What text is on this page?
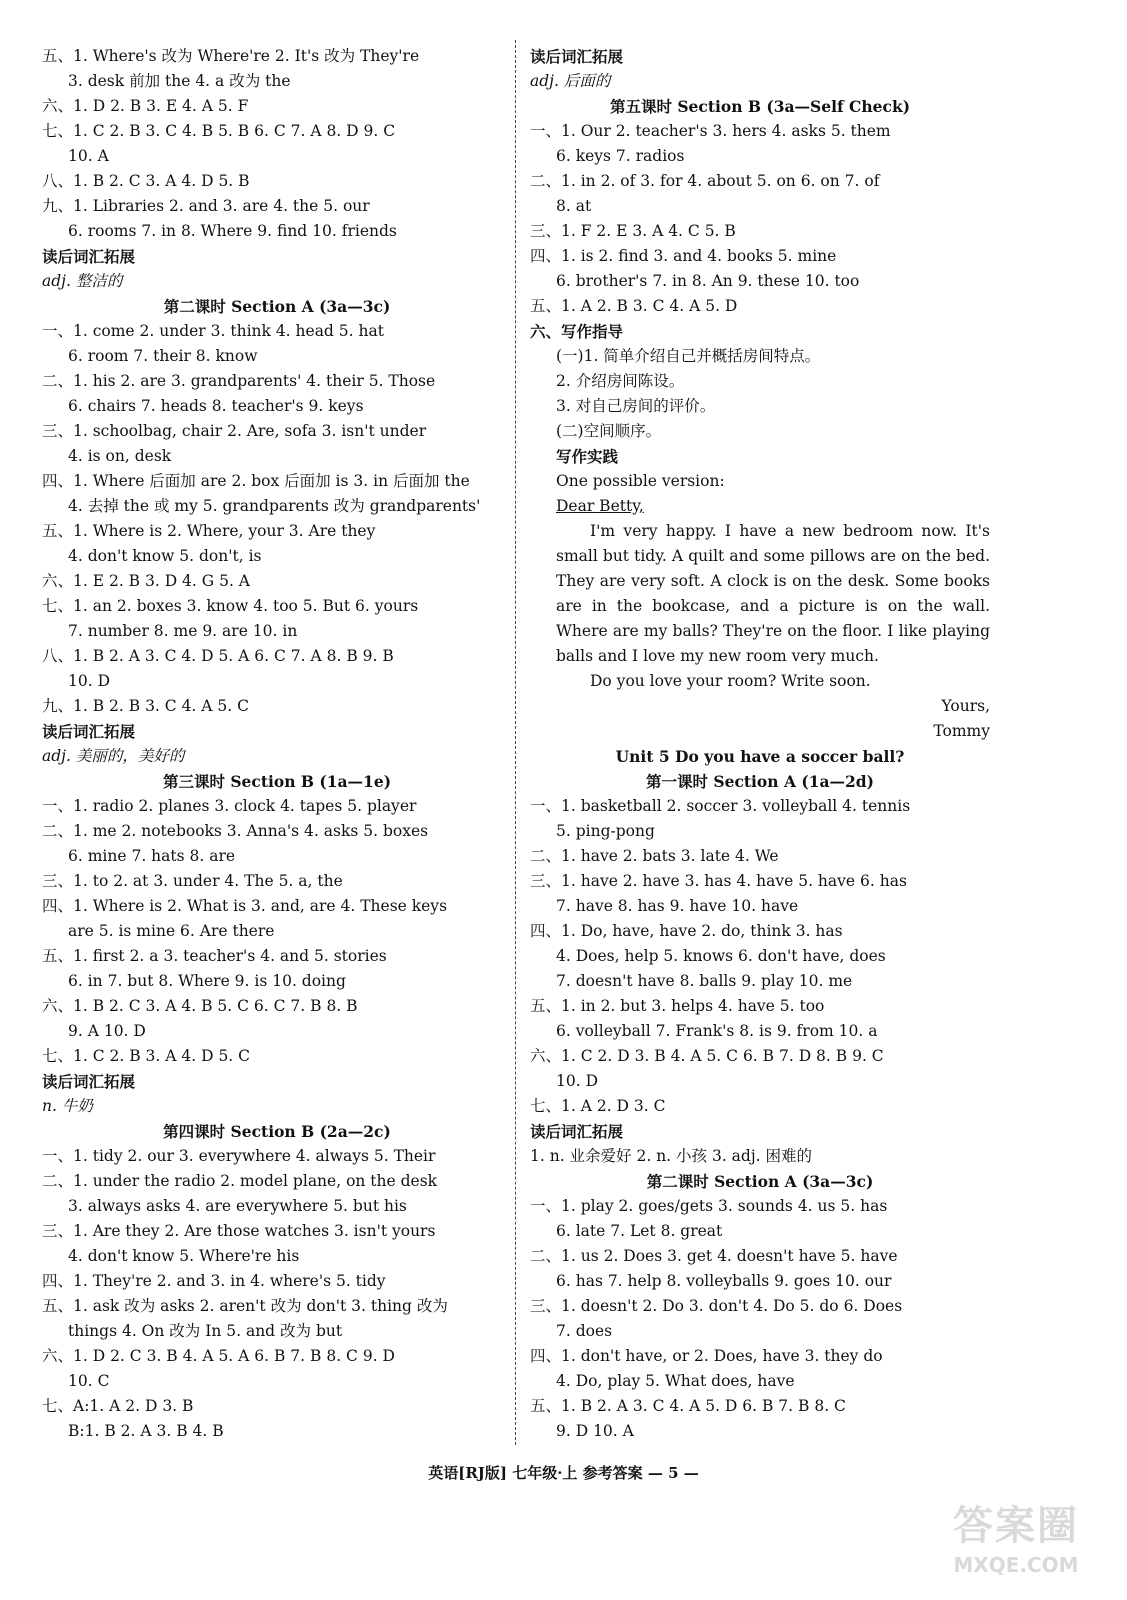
五、1. Where's 改为 Where're 2. It's 改为 They're
3. desk 前加 the 4. a 改为 the
六、1. D 2. B 3. E 4. A 5. F
七、1. C 2. B 3. C 4. B 5. B 6. C 7. A 8. D 9. C
10. A
八、1. B 2. C 3. A 4. D 5. B
九、1. Libraries 2. and 3. are 4. the 5. our
6. rooms 7. in 8. Where 9. find 10. friends
读后词汇拓展
adj. 整洁的
第二课时 Section A (3a—3c)
一、1. come 2. under 3. think 4. head 5. hat
6. room 7. their 8. know
二、1. his 2. are 3. grandparents' 4. their 5. Those
6. chairs 7. heads 8. teacher's 9. keys
三、1. schoolbag, chair 2. Are, sofa 3. isn't under
4. is on, desk
四、1. Where 后面加 are 2. box 后面加 is 3. in 后面加 the
4. 去掉 the 或 my 5. grandparents 改为 grandparents'
五、1. Where is 2. Where, your 3. Are they
4. don't know 5. don't, is
六、1. E 2. B 3. D 4. G 5. A
七、1. an 2. boxes 3. know 4. too 5. But 6. yours
7. number 8. me 9. are 10. in
八、1. B 2. A 3. C 4. D 5. A 6. C 7. A 8. B 9. B
10. D
九、1. B 2. B 3. C 4. A 5. C
读后词汇拓展
adj. 美丽的，美好的
第三课时 Section B (1a—1e)
一、1. radio 2. planes 3. clock 4. tapes 5. player
二、1. me 2. notebooks 3. Anna's 4. asks 5. boxes
6. mine 7. hats 8. are
三、1. to 2. at 3. under 4. The 5. a, the
四、1. Where is 2. What is 3. and, are 4. These keys
are 5. is mine 6. Are there
五、1. first 2. a 3. teacher's 4. and 5. stories
6. in 7. but 8. Where 9. is 10. doing
六、1. B 2. C 3. A 4. B 5. C 6. C 7. B 8. B
9. A 10. D
七、1. C 2. B 3. A 4. D 5. C
读后词汇拓展
n. 牛奶
第四课时 Section B (2a—2c)
一、1. tidy 2. our 3. everywhere 4. always 5. Their
二、1. under the radio 2. model plane, on the desk
3. always asks 4. are everywhere 5. but his
三、1. Are they 2. Are those watches 3. isn't yours
4. don't know 5. Where're his
四、1. They're 2. and 3. in 4. where's 5. tidy
五、1. ask 改为 asks 2. aren't 改为 don't 3. thing 改为
things 4. On 改为 In 5. and 改为 but
六、1. D 2. C 3. B 4. A 5. A 6. B 7. B 8. C 9. D
10. C
七、A:1. A 2. D 3. B
B:1. B 2. A 3. B 4. B
读后词汇拓展
adj. 后面的
第五课时 Section B (3a—Self Check)
一、1. Our 2. teacher's 3. hers 4. asks 5. them
6. keys 7. radios
二、1. in 2. of 3. for 4. about 5. on 6. on 7. of
8. at
三、1. F 2. E 3. A 4. C 5. B
四、1. is 2. find 3. and 4. books 5. mine
6. brother's 7. in 8. An 9. these 10. too
五、1. A 2. B 3. C 4. A 5. D
六、写作指导
(一)1. 简单介绍自己并概括房间特点。
2. 介绍房间陈设。
3. 对自己房间的评价。
(二)空间顺序。
写作实践
One possible version:
Dear Betty,
I'm very happy. I have a new bedroom now. It's small but tidy. A quilt and some pillows are on the bed. They are very soft. A clock is on the desk. Some books are in the bookcase, and a picture is on the wall. Where are my balls? They're on the floor. I like playing balls and I love my new room very much.
Do you love your room? Write soon.
Yours,
Tommy
Unit 5 Do you have a soccer ball?
第一课时 Section A (1a—2d)
一、1. basketball 2. soccer 3. volleyball 4. tennis
5. ping-pong
二、1. have 2. bats 3. late 4. We
三、1. have 2. have 3. has 4. have 5. have 6. has
7. have 8. has 9. have 10. have
四、1. Do, have, have 2. do, think 3. has
4. Does, help 5. knows 6. don't have, does
7. doesn't have 8. balls 9. play 10. me
五、1. in 2. but 3. helps 4. have 5. too
6. volleyball 7. Frank's 8. is 9. from 10. a
六、1. C 2. D 3. B 4. A 5. C 6. B 7. D 8. B 9. C
10. D
七、1. A 2. D 3. C
读后词汇拓展
1. n. 业余爱好 2. n. 小孩 3. adj. 困难的
第二课时 Section A (3a—3c)
一、1. play 2. goes/gets 3. sounds 4. us 5. has
6. late 7. Let 8. great
二、1. us 2. Does 3. get 4. doesn't have 5. have
6. has 7. help 8. volleyballs 9. goes 10. our
三、1. doesn't 2. Do 3. don't 4. Do 5. do 6. Does
7. does
四、1. don't have, or 2. Does, have 3. they do
4. Do, play 5. What does, have
五、1. B 2. A 3. C 4. A 5. D 6. B 7. B 8. C
9. D 10. A
英语[RJ版] 七年级·上 参考答案 — 5 —
答案圈
MXQE.COM
